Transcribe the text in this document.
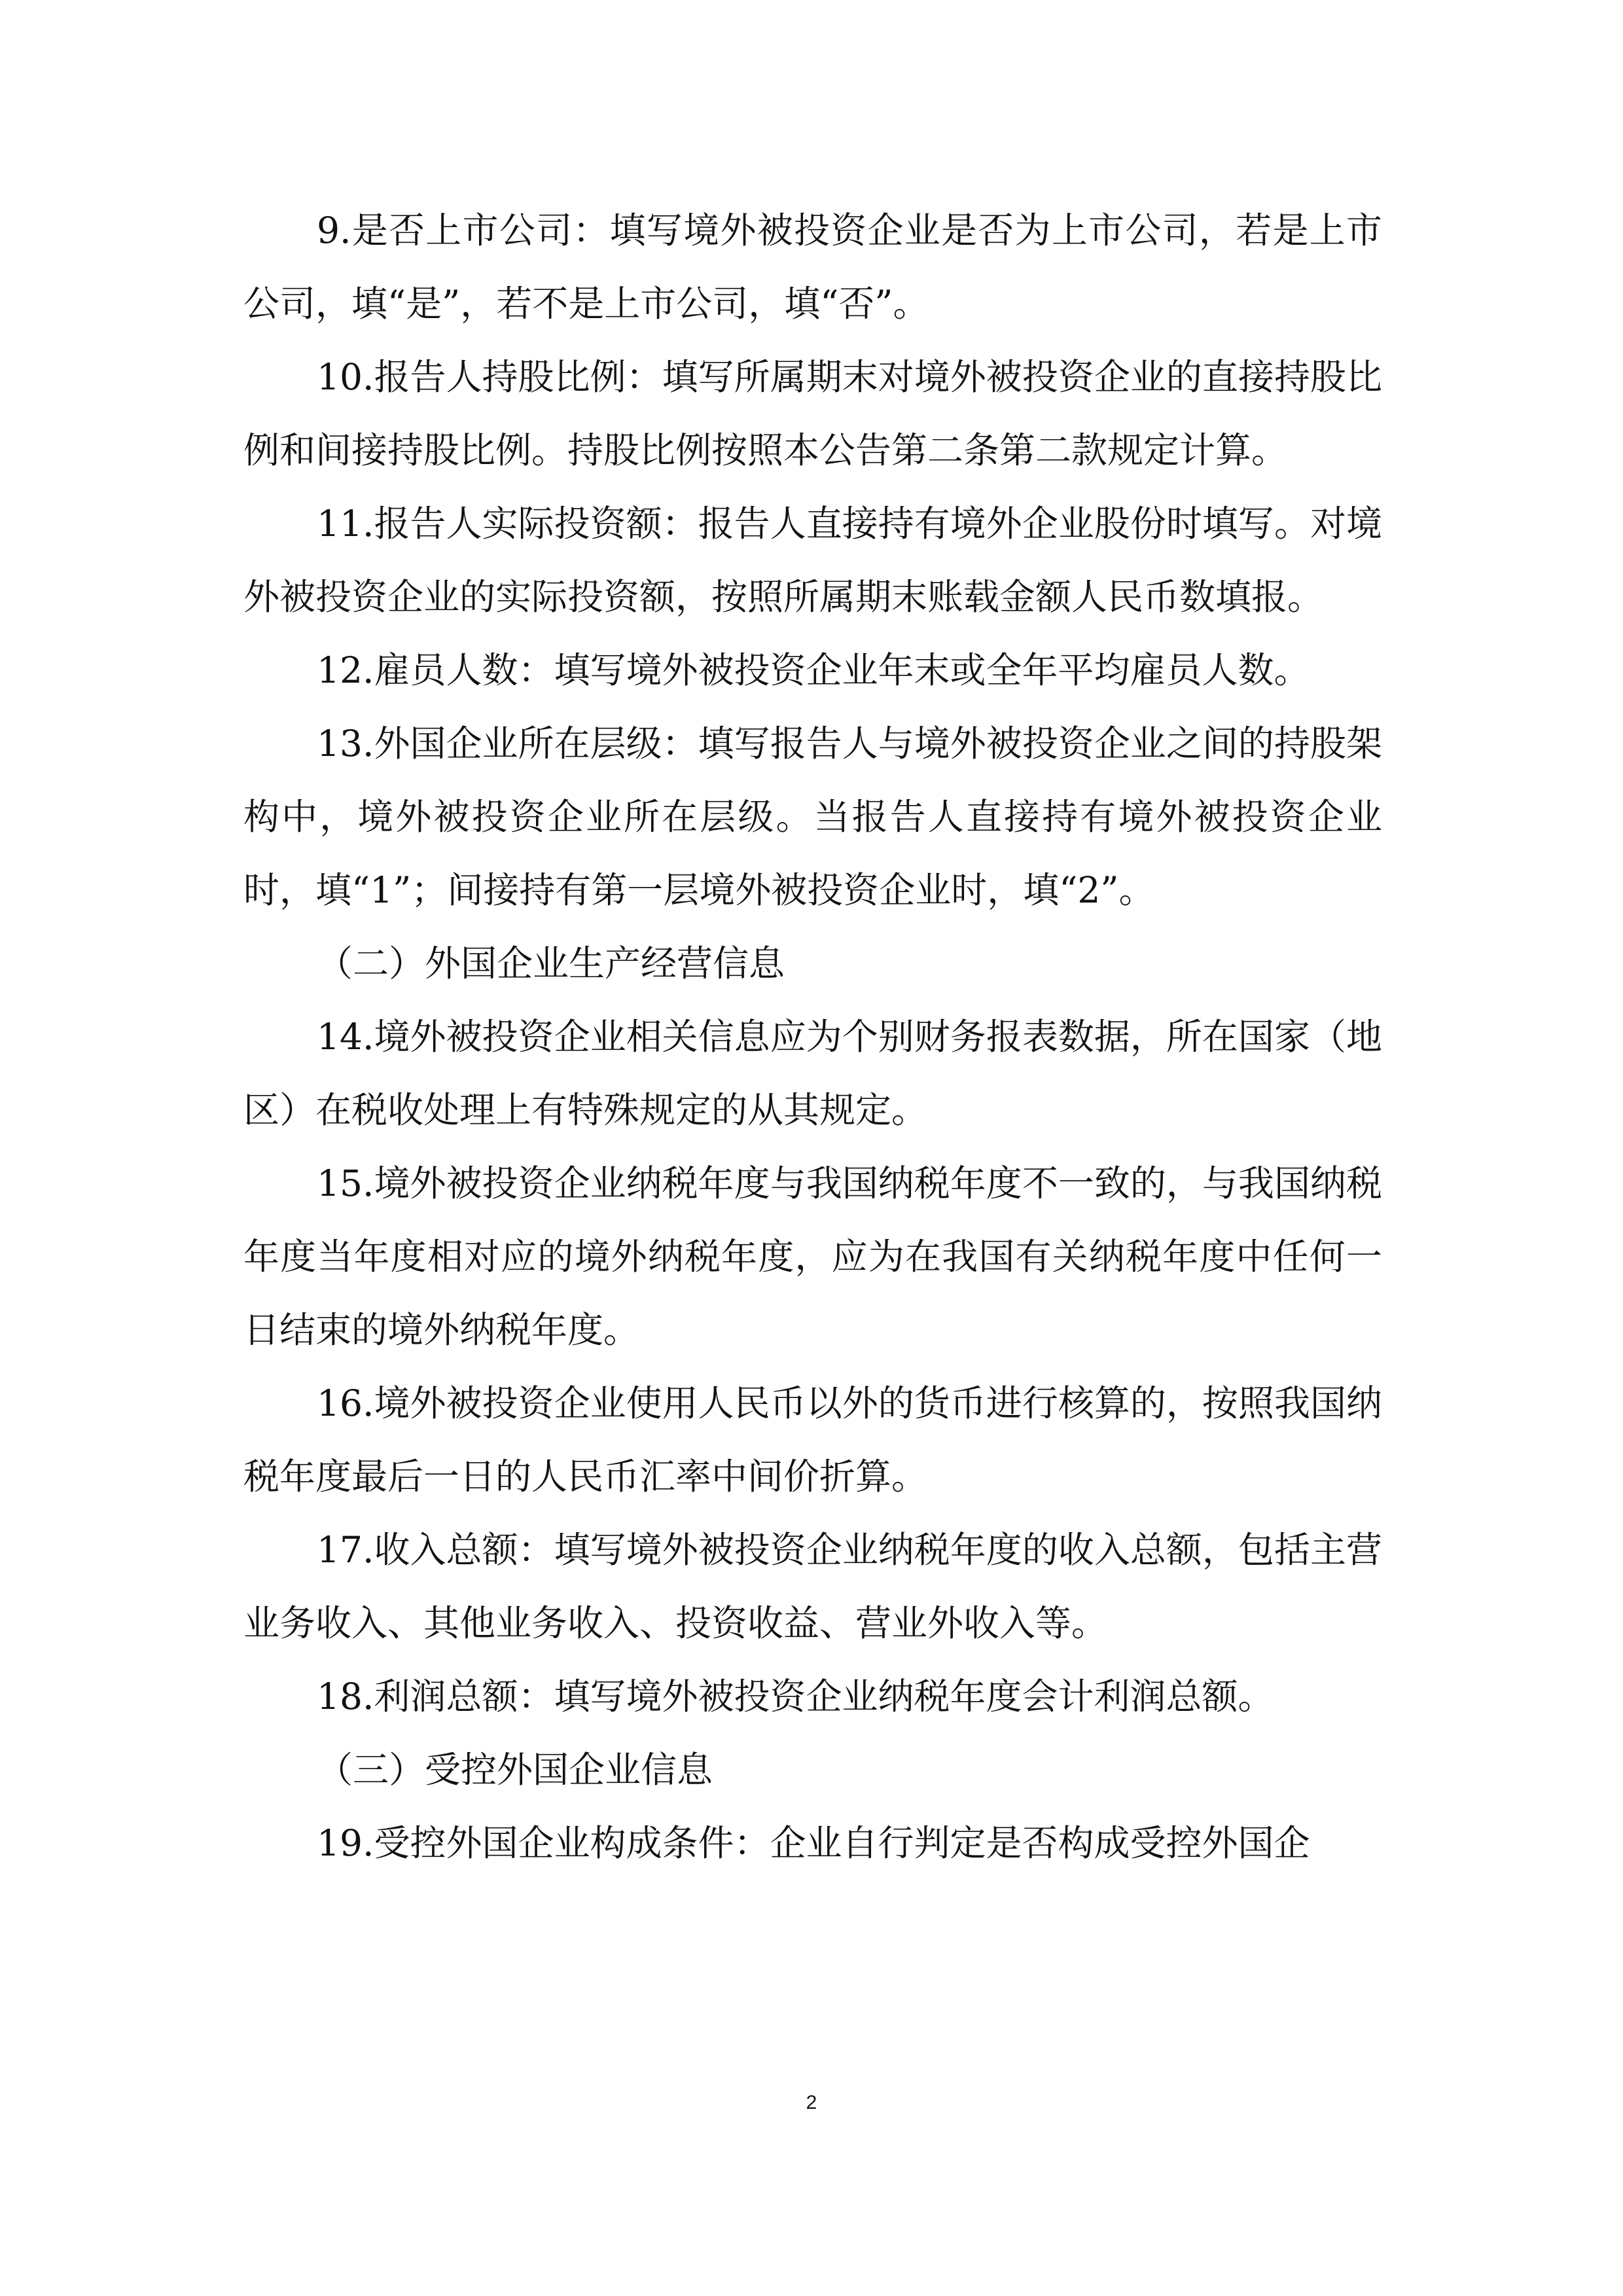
9.是否上市公司：填写境外被投资企业是否为上市公司，若是上市公司，填“是”，若不是上市公司，填“否”。

10.报告人持股比例：填写所属期末对境外被投资企业的直接持股比例和间接持股比例。持股比例按照本公告第二条第二款规定计算。

11.报告人实际投资额：报告人直接持有境外企业股份时填写。对境外被投资企业的实际投资额，按照所属期末账载金额人民币数填报。

12.雇员人数：填写境外被投资企业年末或全年平均雇员人数。

13.外国企业所在层级：填写报告人与境外被投资企业之间的持股架构中，境外被投资企业所在层级。当报告人直接持有境外被投资企业时，填“1”；间接持有第一层境外被投资企业时，填“2”。

（二）外国企业生产经营信息

14.境外被投资企业相关信息应为个别财务报表数据，所在国家（地区）在税收处理上有特殊规定的从其规定。

15.境外被投资企业纳税年度与我国纳税年度不一致的，与我国纳税年度当年度相对应的境外纳税年度，应为在我国有关纳税年度中任何一日结束的境外纳税年度。

16.境外被投资企业使用人民币以外的货币进行核算的，按照我国纳税年度最后一日的人民币汇率中间价折算。

17.收入总额：填写境外被投资企业纳税年度的收入总额，包括主营业务收入、其他业务收入、投资收益、营业外收入等。

18.利润总额：填写境外被投资企业纳税年度会计利润总额。

（三）受控外国企业信息

19.受控外国企业构成条件：企业自行判定是否构成受控外国企

2
